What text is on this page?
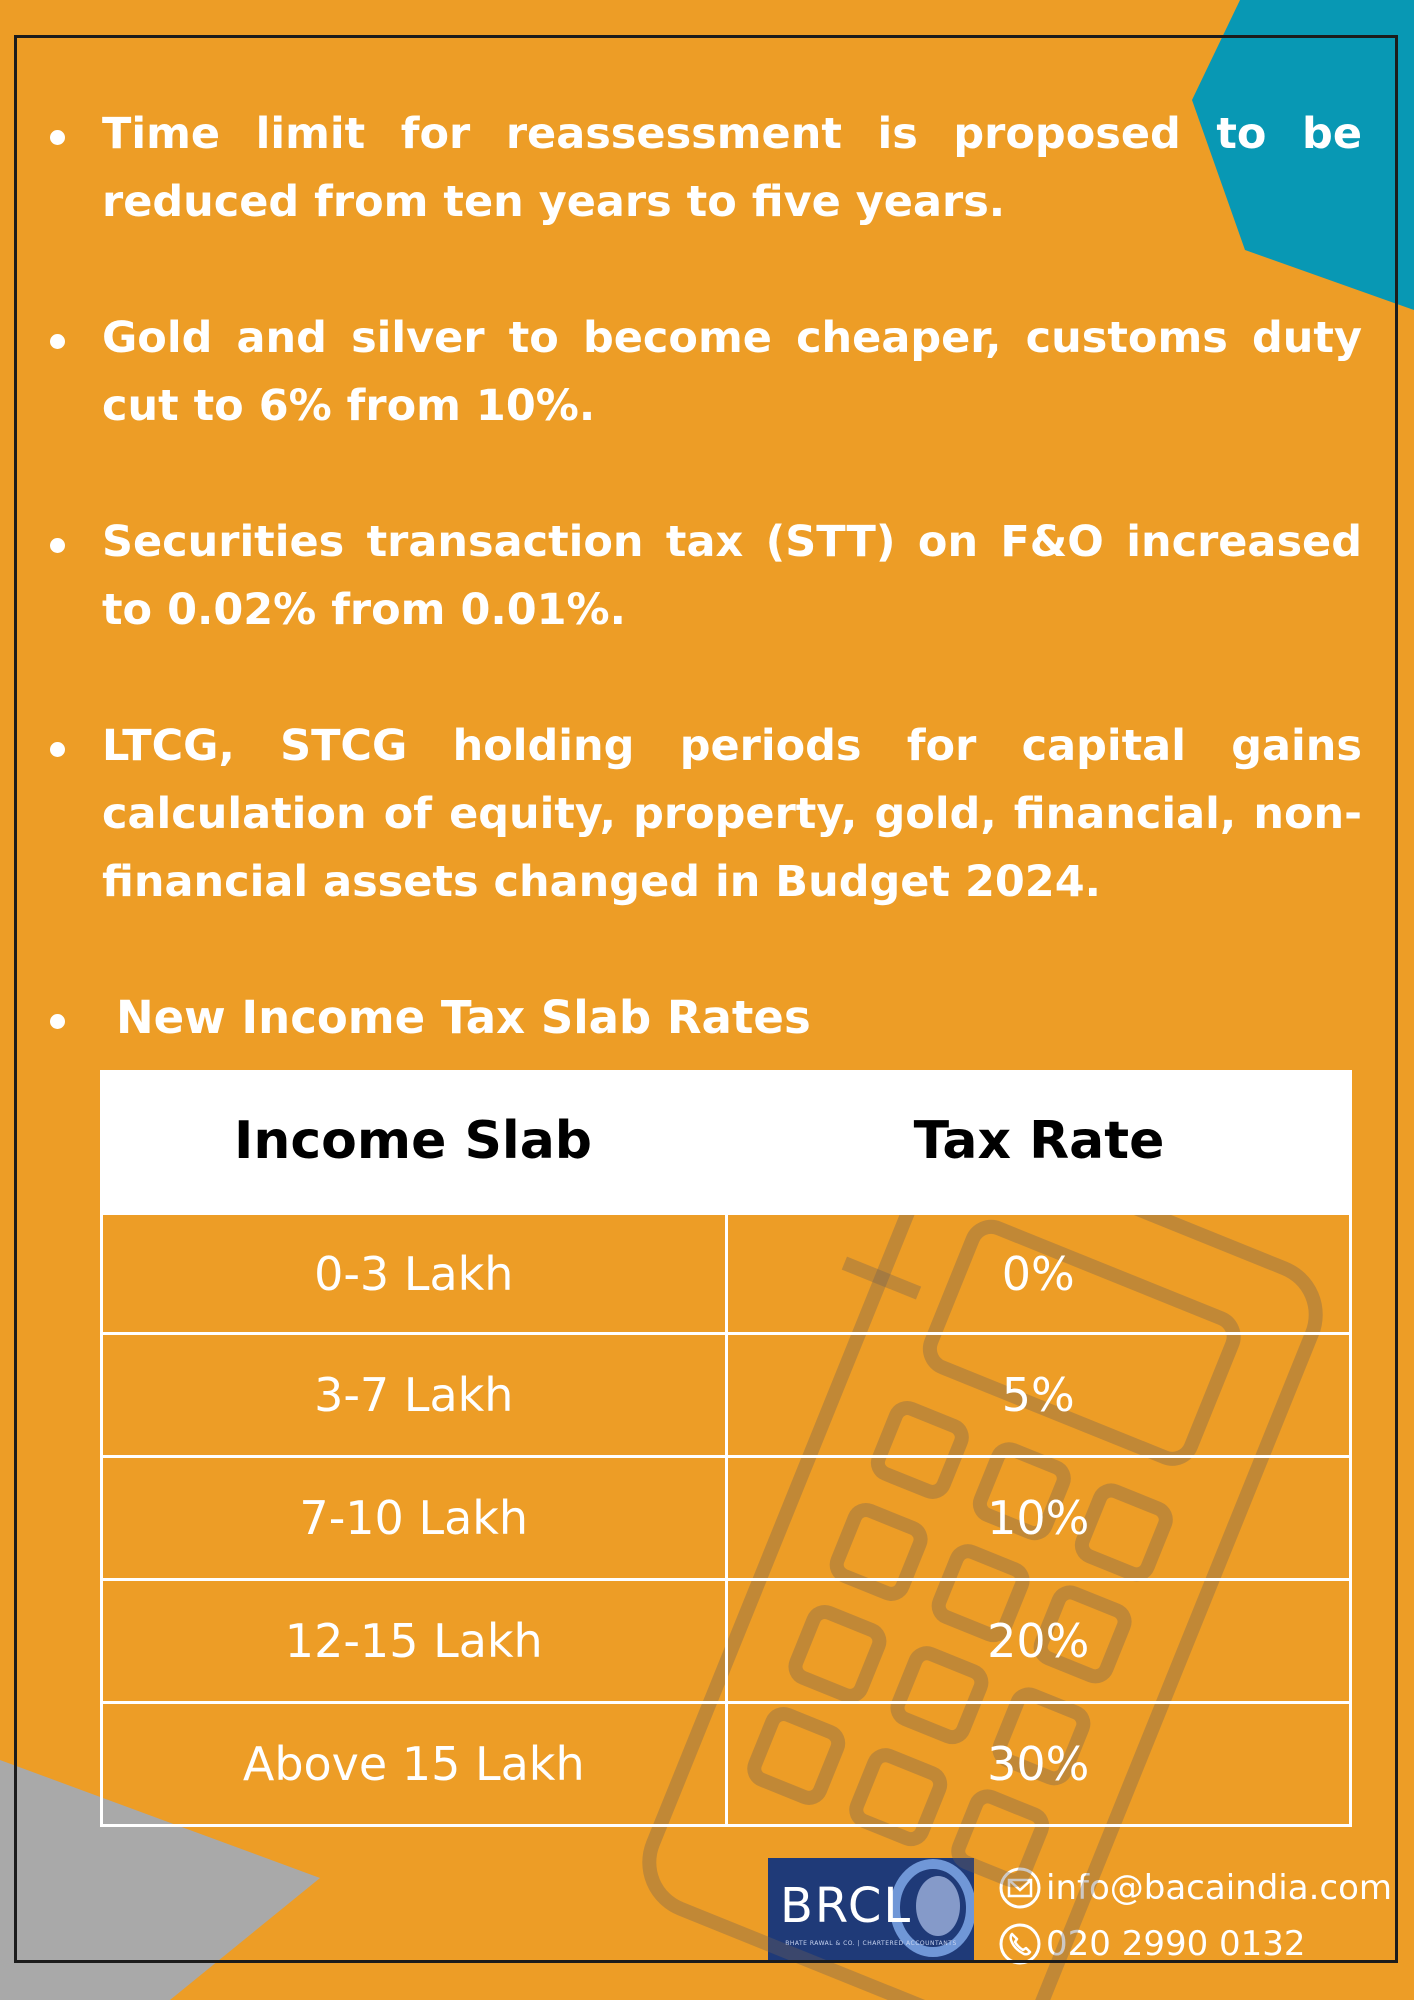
Time limit for reassessment is proposed to be reduced from ten years to five years.
Gold and silver to become cheaper, customs duty cut to 6% from 10%.
Securities transaction tax (STT) on F&O increased to 0.02% from 0.01%.
LTCG, STCG holding periods for capital gains calculation of equity, property, gold, financial, non-financial assets changed in Budget 2024.
New Income Tax Slab Rates
Income Slab	Tax Rate
0-3 Lakh	0%
3-7 Lakh	5%
7-10 Lakh	10%
12-15 Lakh	20%
Above 15 Lakh	30%
BRCL
BHATE RAWAL & CO. | CHARTERED ACCOUNTANTS
info@bacaindia.com
020 2990 0132
